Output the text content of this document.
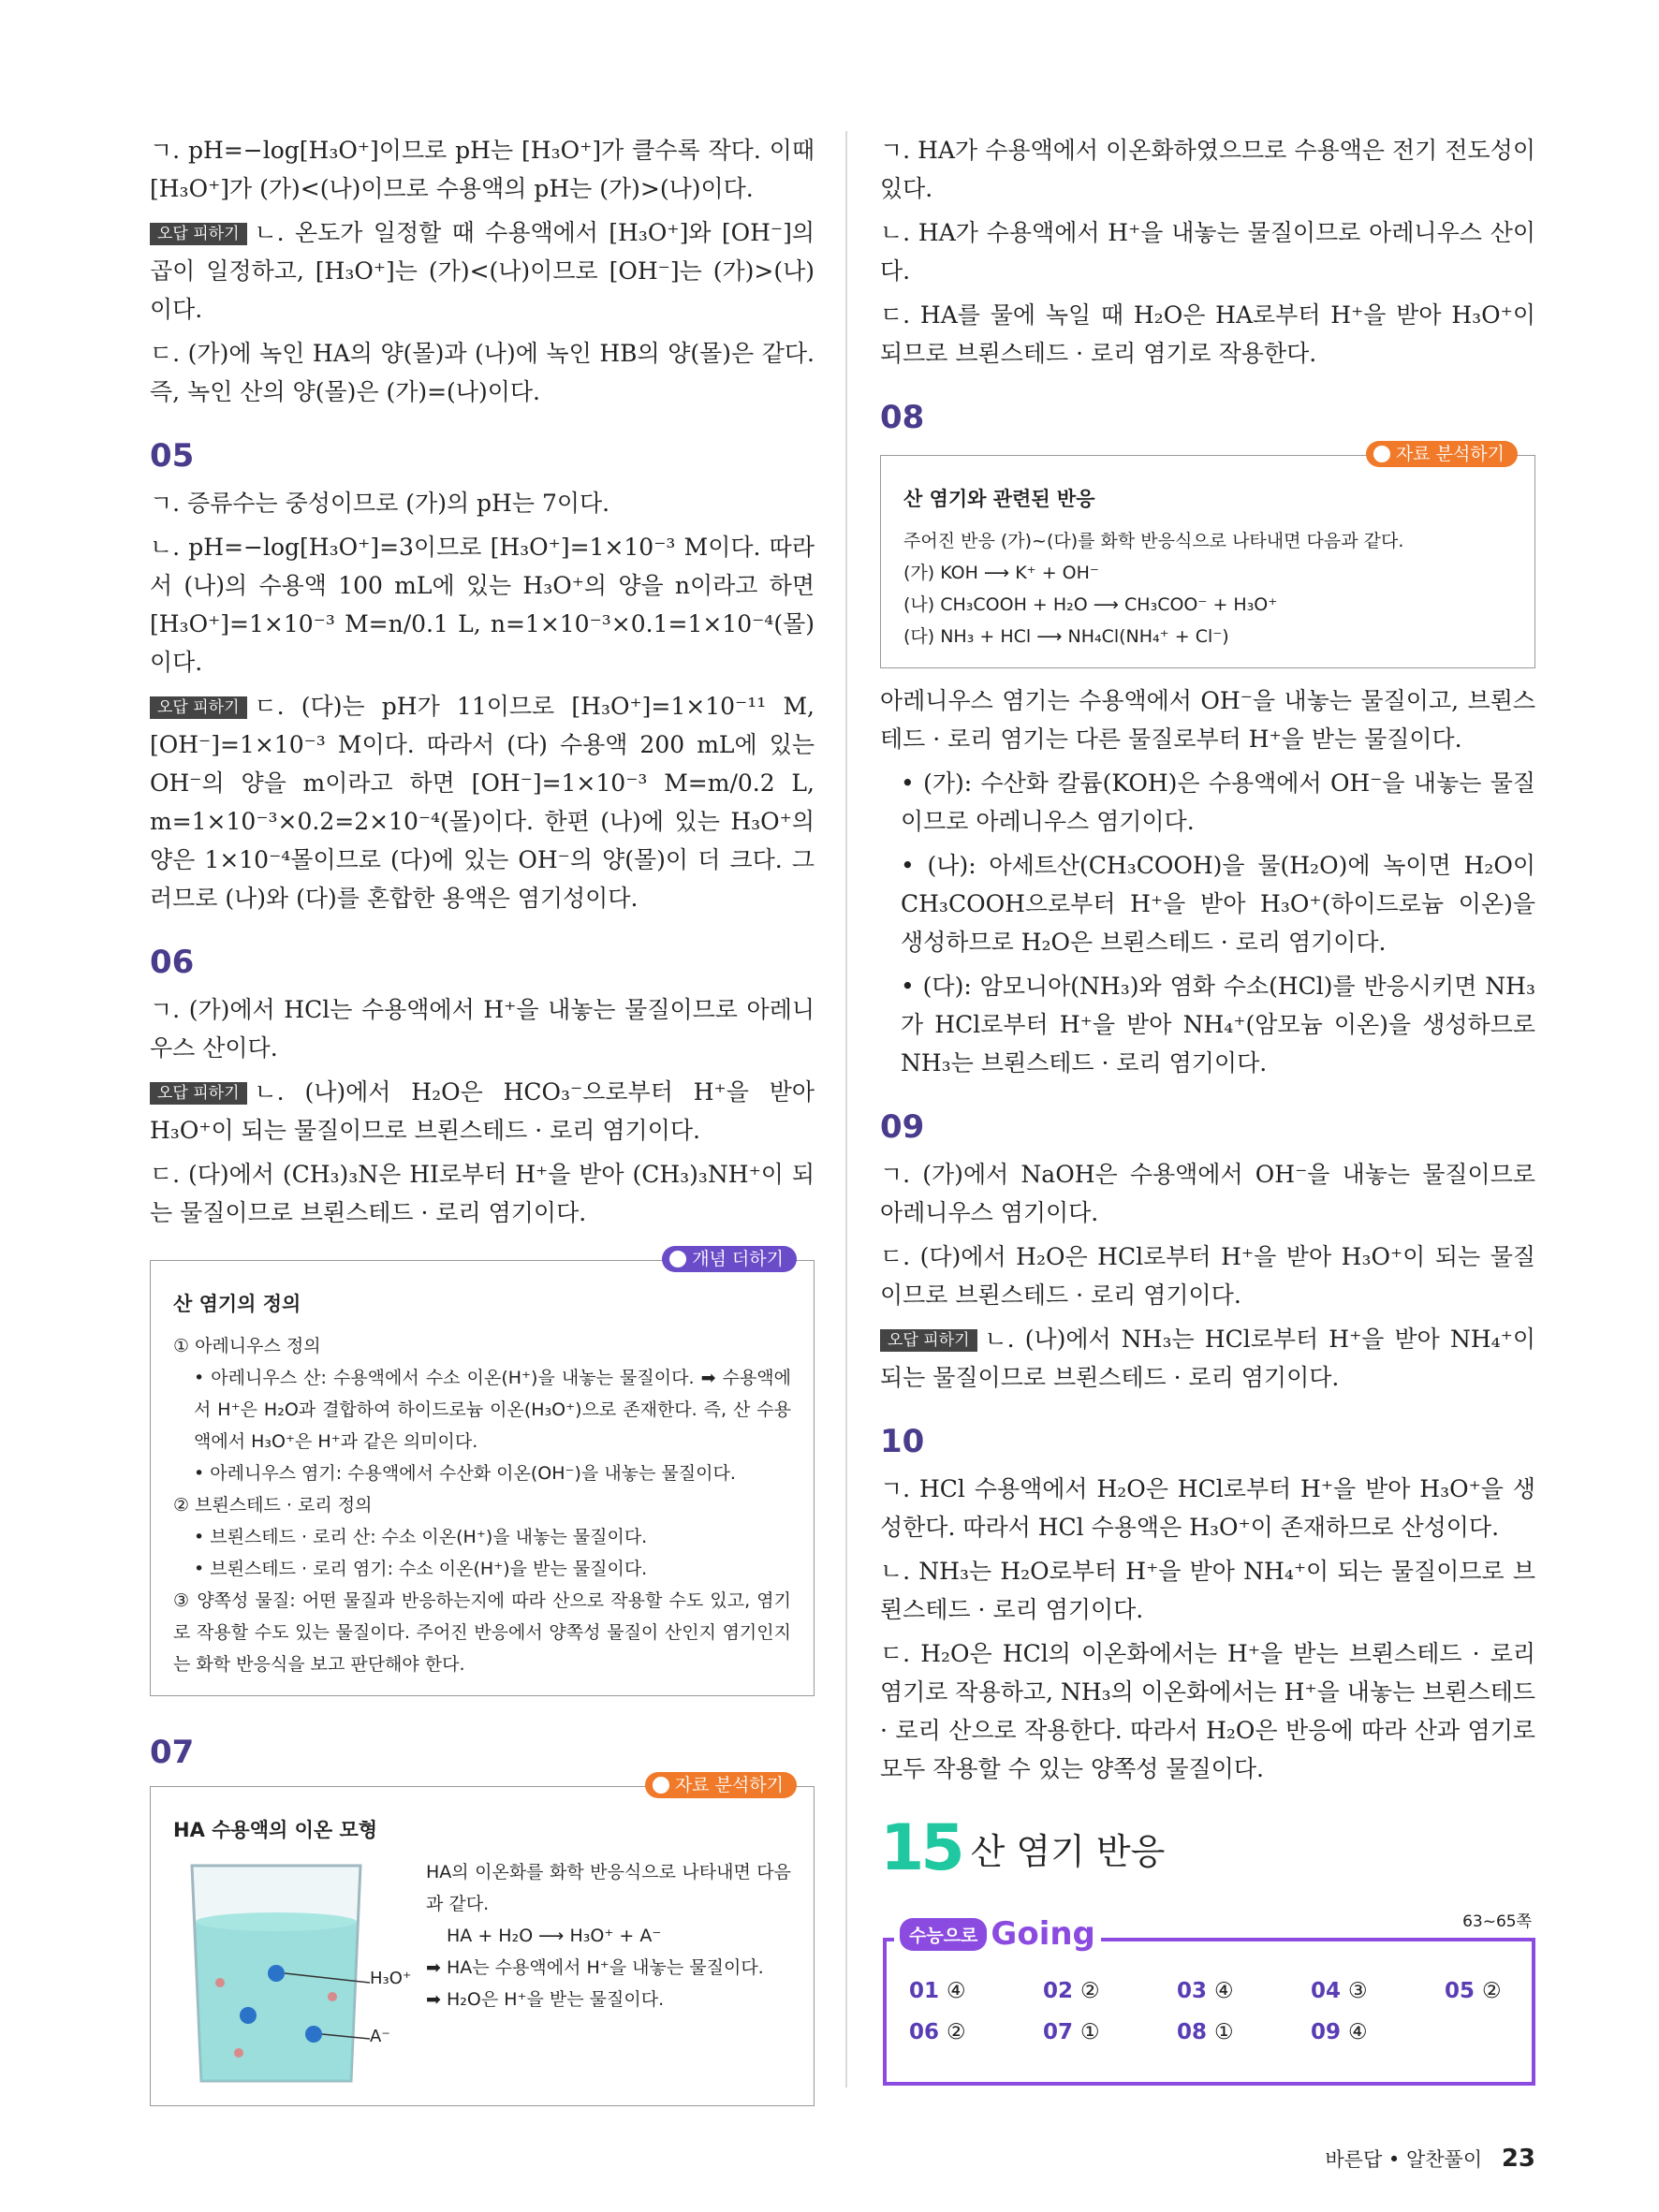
ㄱ. pH=−log[H₃O⁺]이므로 pH는 [H₃O⁺]가 클수록 작다. 이때 [H₃O⁺]가 (가)<(나)이므로 수용액의 pH는 (가)>(나)이다.

오답 피하기 ㄴ. 온도가 일정할 때 수용액에서 [H₃O⁺]와 [OH⁻]의 곱이 일정하고, [H₃O⁺]는 (가)<(나)이므로 [OH⁻]는 (가)>(나)이다.

ㄷ. (가)에 녹인 HA의 양(몰)과 (나)에 녹인 HB의 양(몰)은 같다. 즉, 녹인 산의 양(몰)은 (가)=(나)이다.

05

ㄱ. 증류수는 중성이므로 (가)의 pH는 7이다.

ㄴ. pH=−log[H₃O⁺]=3이므로 [H₃O⁺]=1×10⁻³ M이다. 따라서 (나)의 수용액 100 mL에 있는 H₃O⁺의 양을 n이라고 하면 [H₃O⁺]=1×10⁻³ M=n/0.1 L, n=1×10⁻³×0.1=1×10⁻⁴(몰)이다.

오답 피하기 ㄷ. (다)는 pH가 11이므로 [H₃O⁺]=1×10⁻¹¹ M, [OH⁻]=1×10⁻³ M이다. 따라서 (다) 수용액 200 mL에 있는 OH⁻의 양을 m이라고 하면 [OH⁻]=1×10⁻³ M=m/0.2 L, m=1×10⁻³×0.2=2×10⁻⁴(몰)이다. 한편 (나)에 있는 H₃O⁺의 양은 1×10⁻⁴몰이므로 (다)에 있는 OH⁻의 양(몰)이 더 크다. 그러므로 (나)와 (다)를 혼합한 용액은 염기성이다.

06

ㄱ. (가)에서 HCl는 수용액에서 H⁺을 내놓는 물질이므로 아레니우스 산이다.

오답 피하기 ㄴ. (나)에서 H₂O은 HCO₃⁻으로부터 H⁺을 받아 H₃O⁺이 되는 물질이므로 브뢴스테드 · 로리 염기이다.

ㄷ. (다)에서 (CH₃)₃N은 HI로부터 H⁺을 받아 (CH₃)₃NH⁺이 되는 물질이므로 브뢴스테드 · 로리 염기이다.

개념 더하기
산 염기의 정의

① 아레니우스 정의

• 아레니우스 산: 수용액에서 수소 이온(H⁺)을 내놓는 물질이다. ➡ 수용액에서 H⁺은 H₂O과 결합하여 하이드로늄 이온(H₃O⁺)으로 존재한다. 즉, 산 수용액에서 H₃O⁺은 H⁺과 같은 의미이다.

• 아레니우스 염기: 수용액에서 수산화 이온(OH⁻)을 내놓는 물질이다.

② 브뢴스테드 · 로리 정의

• 브뢴스테드 · 로리 산: 수소 이온(H⁺)을 내놓는 물질이다.

• 브뢴스테드 · 로리 염기: 수소 이온(H⁺)을 받는 물질이다.

③ 양쪽성 물질: 어떤 물질과 반응하는지에 따라 산으로 작용할 수도 있고, 염기로 작용할 수도 있는 물질이다. 주어진 반응에서 양쪽성 물질이 산인지 염기인지는 화학 반응식을 보고 판단해야 한다.

07
자료 분석하기
HA 수용액의 이온 모형
H₃O⁺
A⁻

HA의 이온화를 화학 반응식으로 나타내면 다음과 같다.

HA + H₂O ⟶ H₃O⁺ + A⁻

➡ HA는 수용액에서 H⁺을 내놓는 물질이다.

➡ H₂O은 H⁺을 받는 물질이다.

ㄱ. HA가 수용액에서 이온화하였으므로 수용액은 전기 전도성이 있다.

ㄴ. HA가 수용액에서 H⁺을 내놓는 물질이므로 아레니우스 산이다.

ㄷ. HA를 물에 녹일 때 H₂O은 HA로부터 H⁺을 받아 H₃O⁺이 되므로 브뢴스테드 · 로리 염기로 작용한다.

08
자료 분석하기
산 염기와 관련된 반응

주어진 반응 (가)~(다)를 화학 반응식으로 나타내면 다음과 같다.

(가) KOH ⟶ K⁺ + OH⁻

(나) CH₃COOH + H₂O ⟶ CH₃COO⁻ + H₃O⁺

(다) NH₃ + HCl ⟶ NH₄Cl(NH₄⁺ + Cl⁻)

아레니우스 염기는 수용액에서 OH⁻을 내놓는 물질이고, 브뢴스테드 · 로리 염기는 다른 물질로부터 H⁺을 받는 물질이다.

• (가): 수산화 칼륨(KOH)은 수용액에서 OH⁻을 내놓는 물질이므로 아레니우스 염기이다.

• (나): 아세트산(CH₃COOH)을 물(H₂O)에 녹이면 H₂O이 CH₃COOH으로부터 H⁺을 받아 H₃O⁺(하이드로늄 이온)을 생성하므로 H₂O은 브뢴스테드 · 로리 염기이다.

• (다): 암모니아(NH₃)와 염화 수소(HCl)를 반응시키면 NH₃가 HCl로부터 H⁺을 받아 NH₄⁺(암모늄 이온)을 생성하므로 NH₃는 브뢴스테드 · 로리 염기이다.

09

ㄱ. (가)에서 NaOH은 수용액에서 OH⁻을 내놓는 물질이므로 아레니우스 염기이다.

ㄷ. (다)에서 H₂O은 HCl로부터 H⁺을 받아 H₃O⁺이 되는 물질이므로 브뢴스테드 · 로리 염기이다.

오답 피하기 ㄴ. (나)에서 NH₃는 HCl로부터 H⁺을 받아 NH₄⁺이 되는 물질이므로 브뢴스테드 · 로리 염기이다.

10

ㄱ. HCl 수용액에서 H₂O은 HCl로부터 H⁺을 받아 H₃O⁺을 생성한다. 따라서 HCl 수용액은 H₃O⁺이 존재하므로 산성이다.

ㄴ. NH₃는 H₂O로부터 H⁺을 받아 NH₄⁺이 되는 물질이므로 브뢴스테드 · 로리 염기이다.

ㄷ. H₂O은 HCl의 이온화에서는 H⁺을 받는 브뢴스테드 · 로리 염기로 작용하고, NH₃의 이온화에서는 H⁺을 내놓는 브뢴스테드 · 로리 산으로 작용한다. 따라서 H₂O은 반응에 따라 산과 염기로 모두 작용할 수 있는 양쪽성 물질이다.

15 산 염기 반응
수능으로 Going	63~65쪽
01 ④	02 ②	03 ④	04 ③	05 ②
06 ②	07 ①	08 ①	09 ④
바른답 • 알찬풀이 23
